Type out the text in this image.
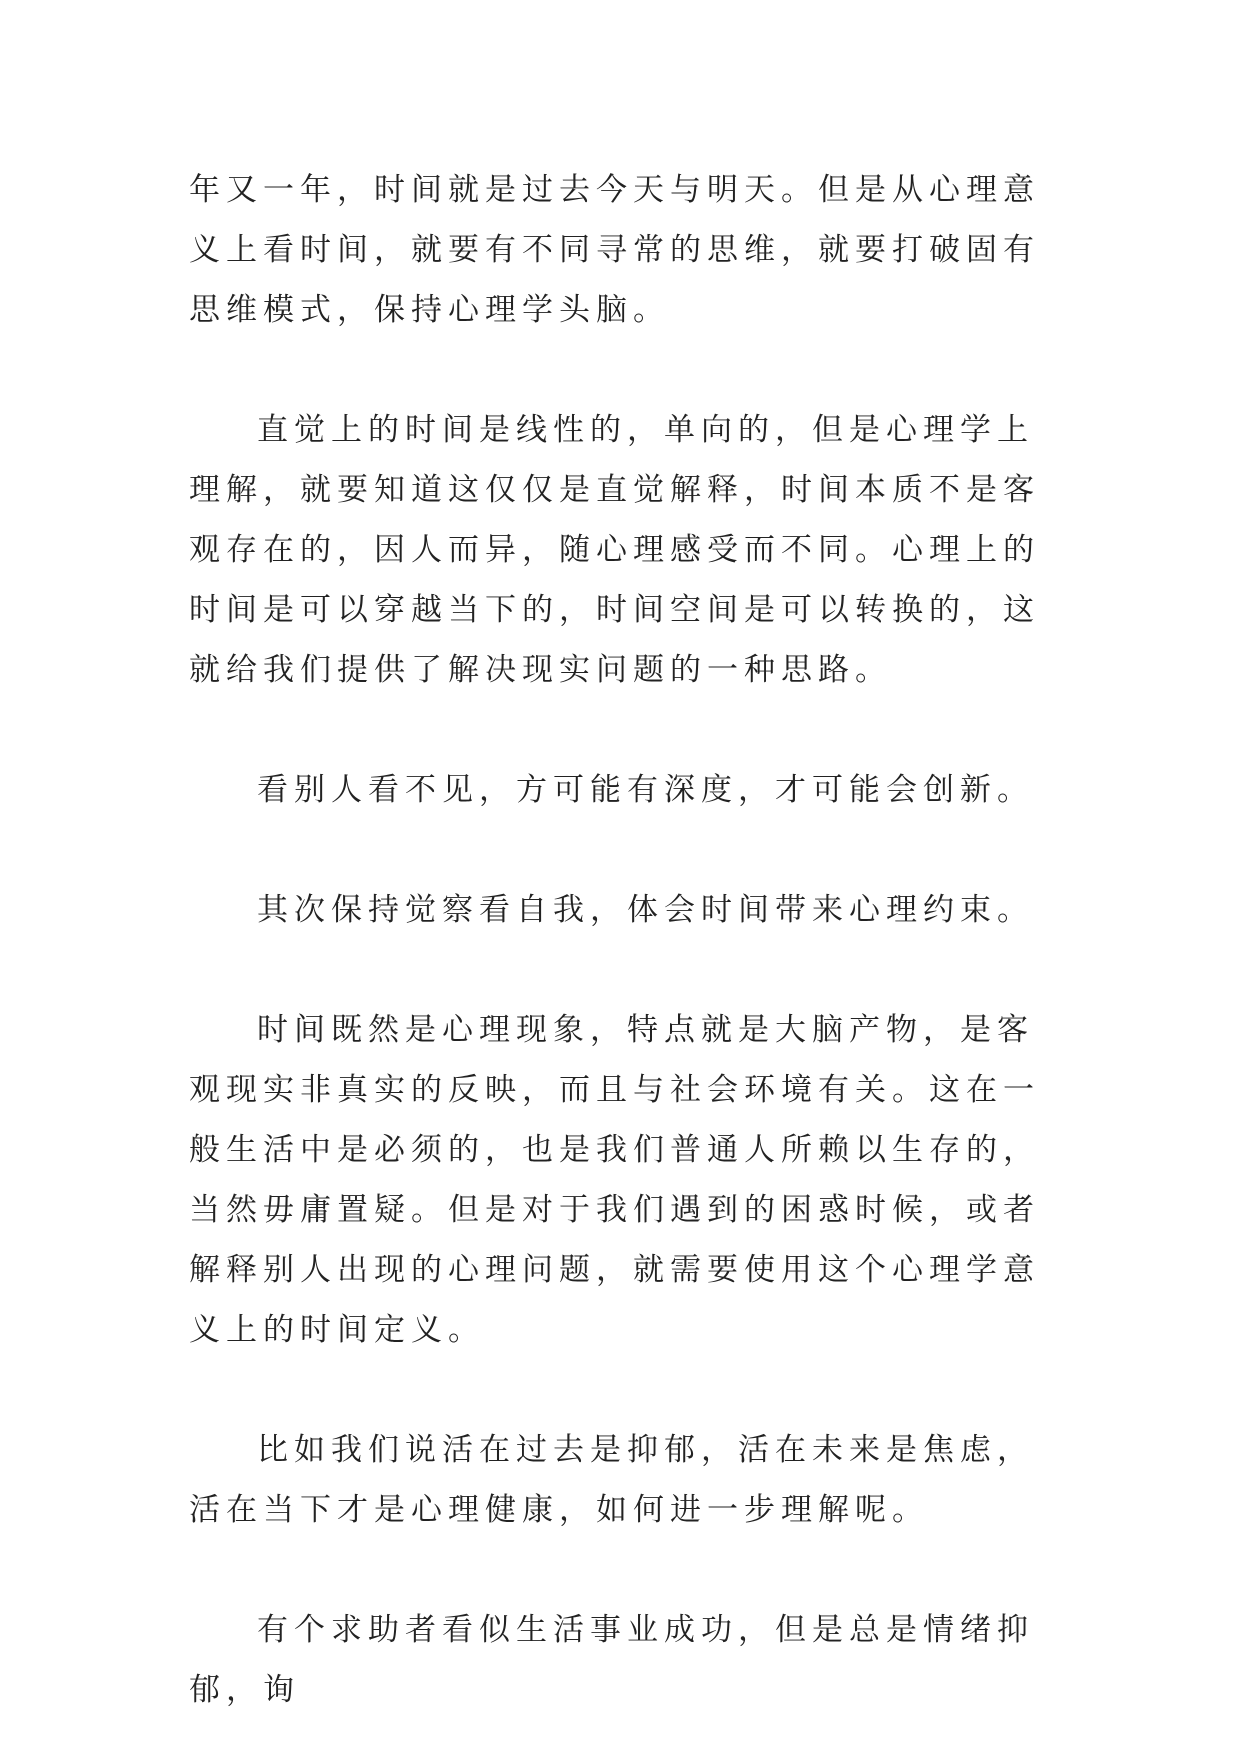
年又一年，时间就是过去今天与明天。但是从心理意义上看时间，就要有不同寻常的思维，就要打破固有思维模式，保持心理学头脑。

直觉上的时间是线性的，单向的，但是心理学上理解，就要知道这仅仅是直觉解释，时间本质不是客观存在的，因人而异，随心理感受而不同。心理上的时间是可以穿越当下的，时间空间是可以转换的，这就给我们提供了解决现实问题的一种思路。

看别人看不见，方可能有深度，才可能会创新。

其次保持觉察看自我，体会时间带来心理约束。

时间既然是心理现象，特点就是大脑产物，是客观现实非真实的反映，而且与社会环境有关。这在一般生活中是必须的，也是我们普通人所赖以生存的，当然毋庸置疑。但是对于我们遇到的困惑时候，或者解释别人出现的心理问题，就需要使用这个心理学意义上的时间定义。

比如我们说活在过去是抑郁，活在未来是焦虑，活在当下才是心理健康，如何进一步理解呢。

有个求助者看似生活事业成功，但是总是情绪抑郁，询
